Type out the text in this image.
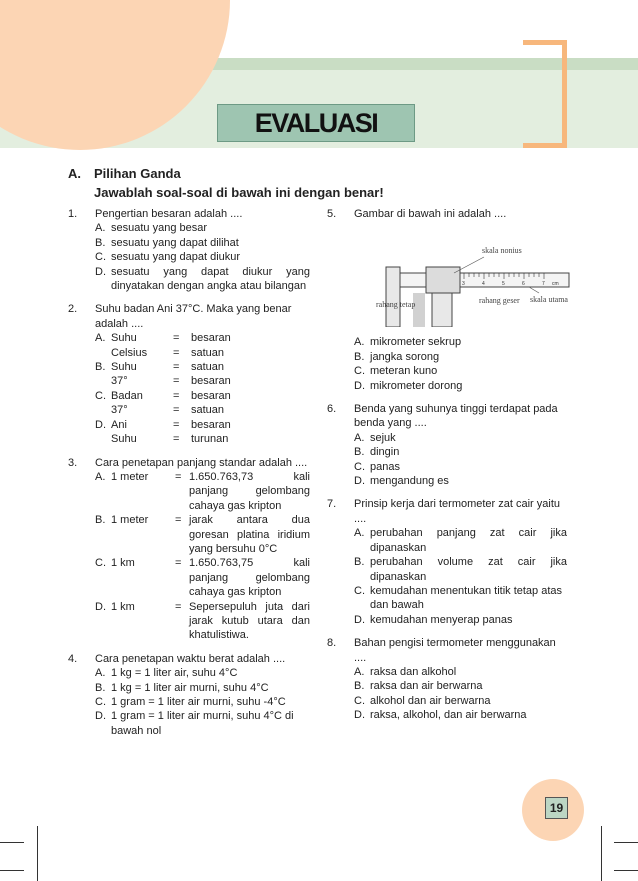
EVALUASI
A. Pilihan Ganda
Jawablah soal-soal di bawah ini dengan benar!
1.	Pengertian besaran adalah ....
A. sesuatu yang besar
B. sesuatu yang dapat dilihat
C. sesuatu yang dapat diukur
D. sesuatu yang dapat diukur yang dinyatakan dengan angka atau bilangan
2.	Suhu badan Ani 37°C. Maka yang benar adalah ....
A. Suhu	=	besaran
Celsius	=	satuan
B. Suhu	=	satuan
37°	=	besaran
C. Badan	=	besaran
37°	=	satuan
D. Ani	=	besaran
Suhu	=	turunan
3.	Cara penetapan panjang standar adalah ....
A. 1 meter	= 1.650.763,73 kali panjang gelombang cahaya gas kripton
B. 1 meter	= jarak antara dua goresan platina iridium yang bersuhu 0°C
C. 1 km	= 1.650.763,75 kali panjang gelombang cahaya gas kripton
D. 1 km	= Sepersepuluh juta dari jarak kutub utara dan khatulistiwa.
4.	Cara penetapan waktu berat adalah ....
A. 1 kg = 1 liter air, suhu 4°C
B. 1 kg = 1 liter air murni, suhu 4°C
C. 1 gram = 1 liter air murni, suhu -4°C
D. 1 gram = 1 liter air murni, suhu 4°C di bawah nol
5.	Gambar di bawah ini adalah ....
3	4	5	6	7 cm
skala nonius
skala utama
rahang geser
rahang tetap
A. mikrometer sekrup
B. jangka sorong
C. meteran kuno
D. mikrometer dorong
6.	Benda yang suhunya tinggi terdapat pada benda yang ....
A. sejuk
B. dingin
C. panas
D. mengandung es
7.	Prinsip kerja dari termometer zat cair yaitu ....
A. perubahan panjang zat cair jika dipanaskan
B. perubahan volume zat cair jika dipanaskan
C. kemudahan menentukan titik tetap atas dan bawah
D. kemudahan menyerap panas
8.	Bahan pengisi termometer menggunakan ....
A. raksa dan alkohol
B. raksa dan air berwarna
C. alkohol dan air berwarna
D. raksa, alkohol, dan air berwarna
19
